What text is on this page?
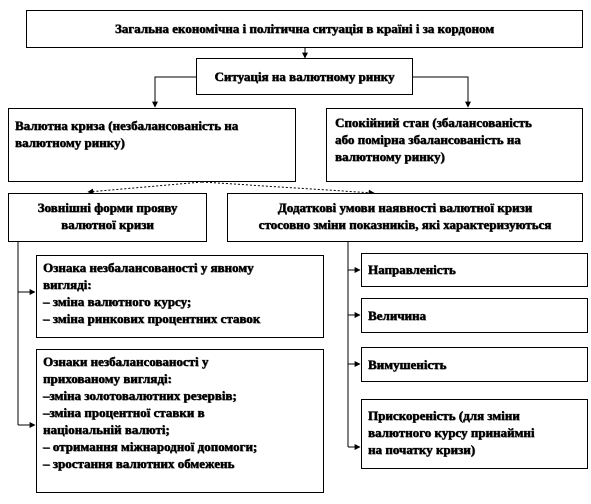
Загальна економічна і політична ситуація в країні і за кордоном
Ситуація на валютному ринку
Валютна криза (незбалансованість на
валютному ринку)
Спокійний стан (збалансованість
або помірна збалансованість на
валютному ринку)
Зовнішні форми прояву
валютної кризи
Додаткові умови наявності валютної кризи
стосовно зміни показників, які характеризуються
Ознака незбалансованості у явному
вигляді:
– зміна валютного курсу;
– зміна ринкових процентних ставок
Ознаки незбалансованості у
прихованому вигляді:
–зміна золотовалютних резервів;
–зміна процентної ставки в
національній валюті;
– отримання міжнародної допомоги;
– зростання валютних обмежень
Направленість
Величина
Вимушеність
Прискореність (для зміни
валютного курсу принаймні
на початку кризи)
